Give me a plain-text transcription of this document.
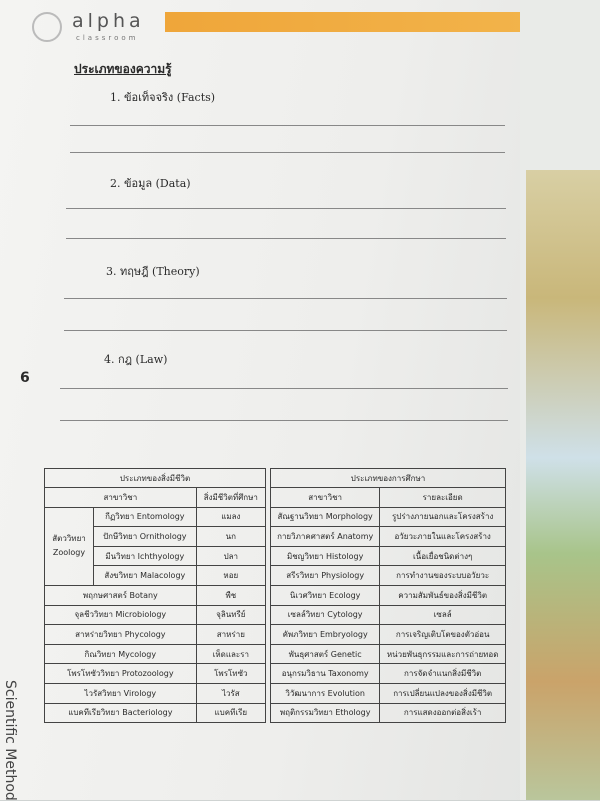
alpha
classroom
ประเภทของความรู้
1. ข้อเท็จจริง (Facts)
2. ข้อมูล (Data)
3. ทฤษฎี (Theory)
4. กฎ (Law)
6
Scientific Method
ประเภทของสิ่งมีชีวิต		
สาขาวิชา		สิ่งมีชีวิตที่ศึกษา
สัตววิทยา
Zoology	กีฏวิทยา Entomology	แมลง
	ปักษีวิทยา Ornithology	นก
	มีนวิทยา Ichthyology	ปลา
	สังขวิทยา Malacology	หอย
พฤกษศาสตร์ Botany		พืช
จุลชีววิทยา Microbiology		จุลินทรีย์
สาหร่ายวิทยา Phycology		สาหร่าย
กิณวิทยา Mycology		เห็ดและรา
โพรโทซัววิทยา Protozoology		โพรโทซัว
ไวรัสวิทยา Virology		ไวรัส
แบคทีเรียวิทยา Bacteriology		แบคทีเรีย
ประเภทของการศึกษา	
สาขาวิชา	รายละเอียด
สัณฐานวิทยา Morphology	รูปร่างภายนอกและโครงสร้าง
กายวิภาคศาสตร์ Anatomy	อวัยวะภายในและโครงสร้าง
มิชญวิทยา Histology	เนื้อเยื่อชนิดต่างๆ
สรีรวิทยา Physiology	การทำงานของระบบอวัยวะ
นิเวศวิทยา Ecology	ความสัมพันธ์ของสิ่งมีชีวิต
เซลล์วิทยา Cytology	เซลล์
คัพภวิทยา Embryology	การเจริญเติบโตของตัวอ่อน
พันธุศาสตร์ Genetic	หน่วยพันธุกรรมและการถ่ายทอด
อนุกรมวิธาน Taxonomy	การจัดจำแนกสิ่งมีชีวิต
วิวัฒนาการ Evolution	การเปลี่ยนแปลงของสิ่งมีชีวิต
พฤติกรรมวิทยา Ethology	การแสดงออกต่อสิ่งเร้า
